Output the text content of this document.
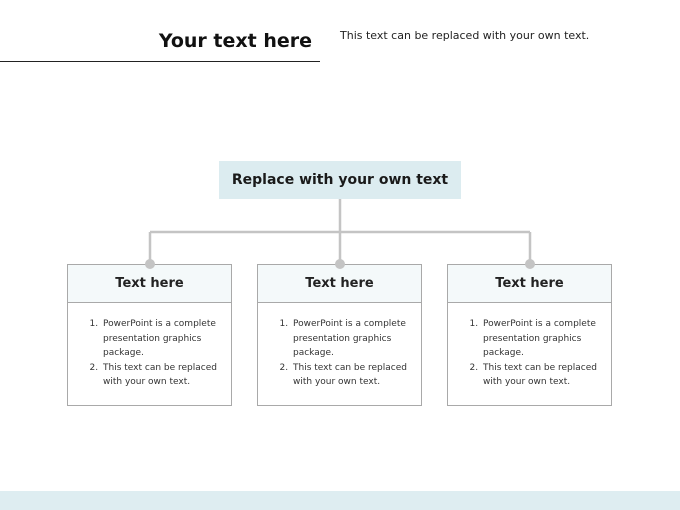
Your text here	This text can be replaced with your own text.
Replace with your own text
Text here
1. PowerPoint is a complete presentation graphics package.
2. This text can be replaced with your own text.
Text here
1. PowerPoint is a complete presentation graphics package.
2. This text can be replaced with your own text.
Text here
1. PowerPoint is a complete presentation graphics package.
2. This text can be replaced with your own text.
